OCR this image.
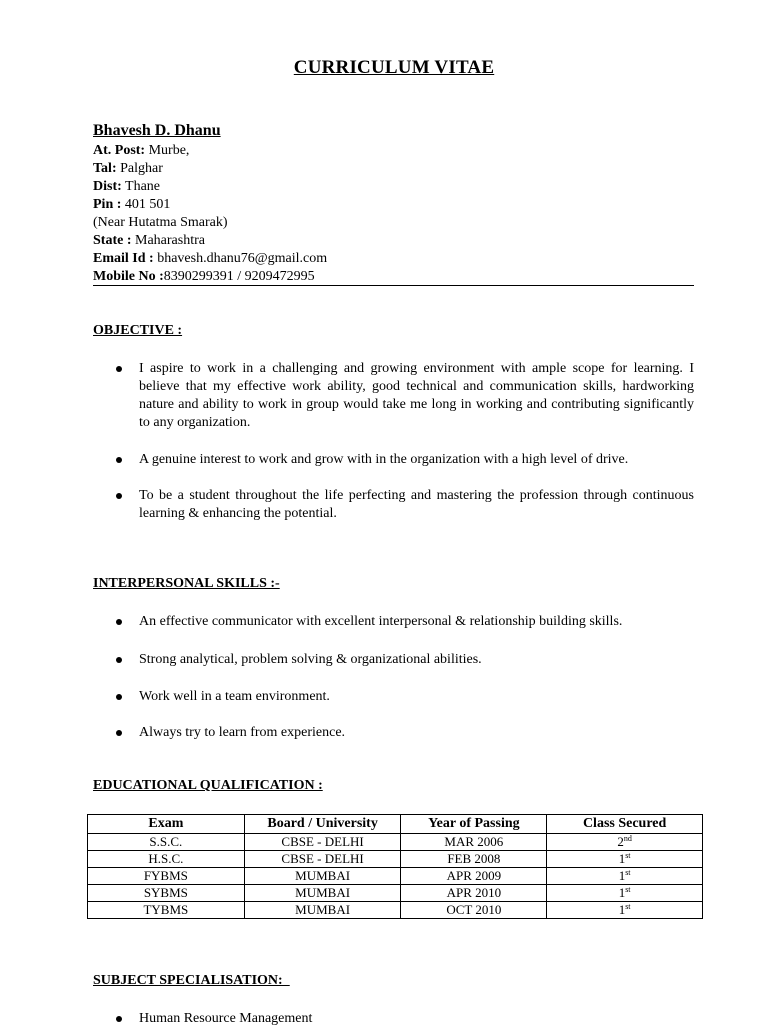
CURRICULUM VITAE
Bhavesh D. Dhanu
At. Post: Murbe,
Tal: Palghar
Dist: Thane
Pin : 401 501
(Near Hutatma Smarak)
State : Maharashtra
Email Id : bhavesh.dhanu76@gmail.com
Mobile No :8390299391 / 9209472995
OBJECTIVE :
I aspire to work in a challenging and growing environment with ample scope for learning. I believe that my effective work ability, good technical and communication skills, hardworking nature and ability to work in group would take me long in working and contributing significantly to any organization.
A genuine interest to work and grow with in the organization with a high level of drive.
To be a student throughout the life perfecting and mastering the profession through continuous learning & enhancing the potential.
INTERPERSONAL SKILLS :-
An effective communicator with excellent interpersonal & relationship building skills.
Strong analytical, problem solving & organizational abilities.
Work well in a team environment.
Always try to learn from experience.
EDUCATIONAL QUALIFICATION :
Exam	Board / University	Year of Passing	Class Secured
S.S.C.	CBSE - DELHI	MAR 2006	2nd
H.S.C.	CBSE - DELHI	FEB 2008	1st
FYBMS	MUMBAI	APR 2009	1st
SYBMS	MUMBAI	APR 2010	1st
TYBMS	MUMBAI	OCT 2010	1st
SUBJECT SPECIALISATION:
Human Resource Management
